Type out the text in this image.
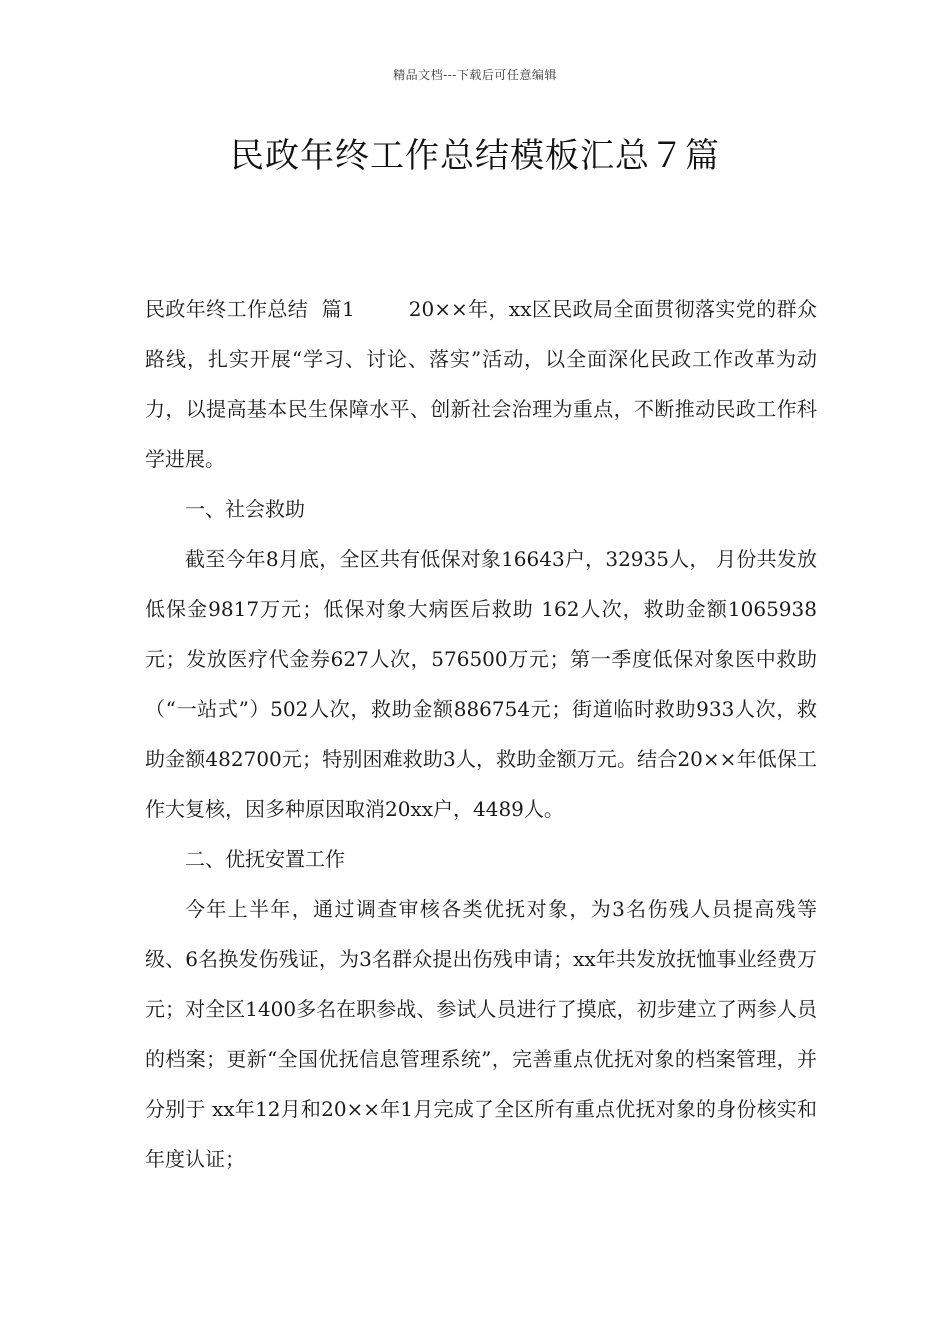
精品文档---下载后可任意编辑
民政年终工作总结模板汇总７篇

民政年终工作总结  篇1        20××年，xx区民政局全面贯彻落实党的群众路线，扎实开展“学习、讨论、落实”活动，以全面深化民政工作改革为动力，以提高基本民生保障水平、创新社会治理为重点，不断推动民政工作科学进展。

一、社会救助

截至今年8月底，全区共有低保对象16643户，32935人， 月份共发放低保金9817万元；低保对象大病医后救助 162人次，救助金额1065938元；发放医疗代金券627人次，576500万元；第一季度低保对象医中救助（“一站式”）502人次，救助金额886754元；街道临时救助933人次，救助金额482700元；特别困难救助3人，救助金额万元。结合20××年低保工作大复核，因多种原因取消20xx户，4489人。

二、优抚安置工作

今年上半年，通过调查审核各类优抚对象，为3名伤残人员提高残等级、6名换发伤残证，为3名群众提出伤残申请；xx年共发放抚恤事业经费万元；对全区1400多名在职参战、参试人员进行了摸底，初步建立了两参人员的档案；更新“全国优抚信息管理系统”，完善重点优抚对象的档案管理，并分别于 xx年12月和20××年1月完成了全区所有重点优抚对象的身份核实和年度认证；
